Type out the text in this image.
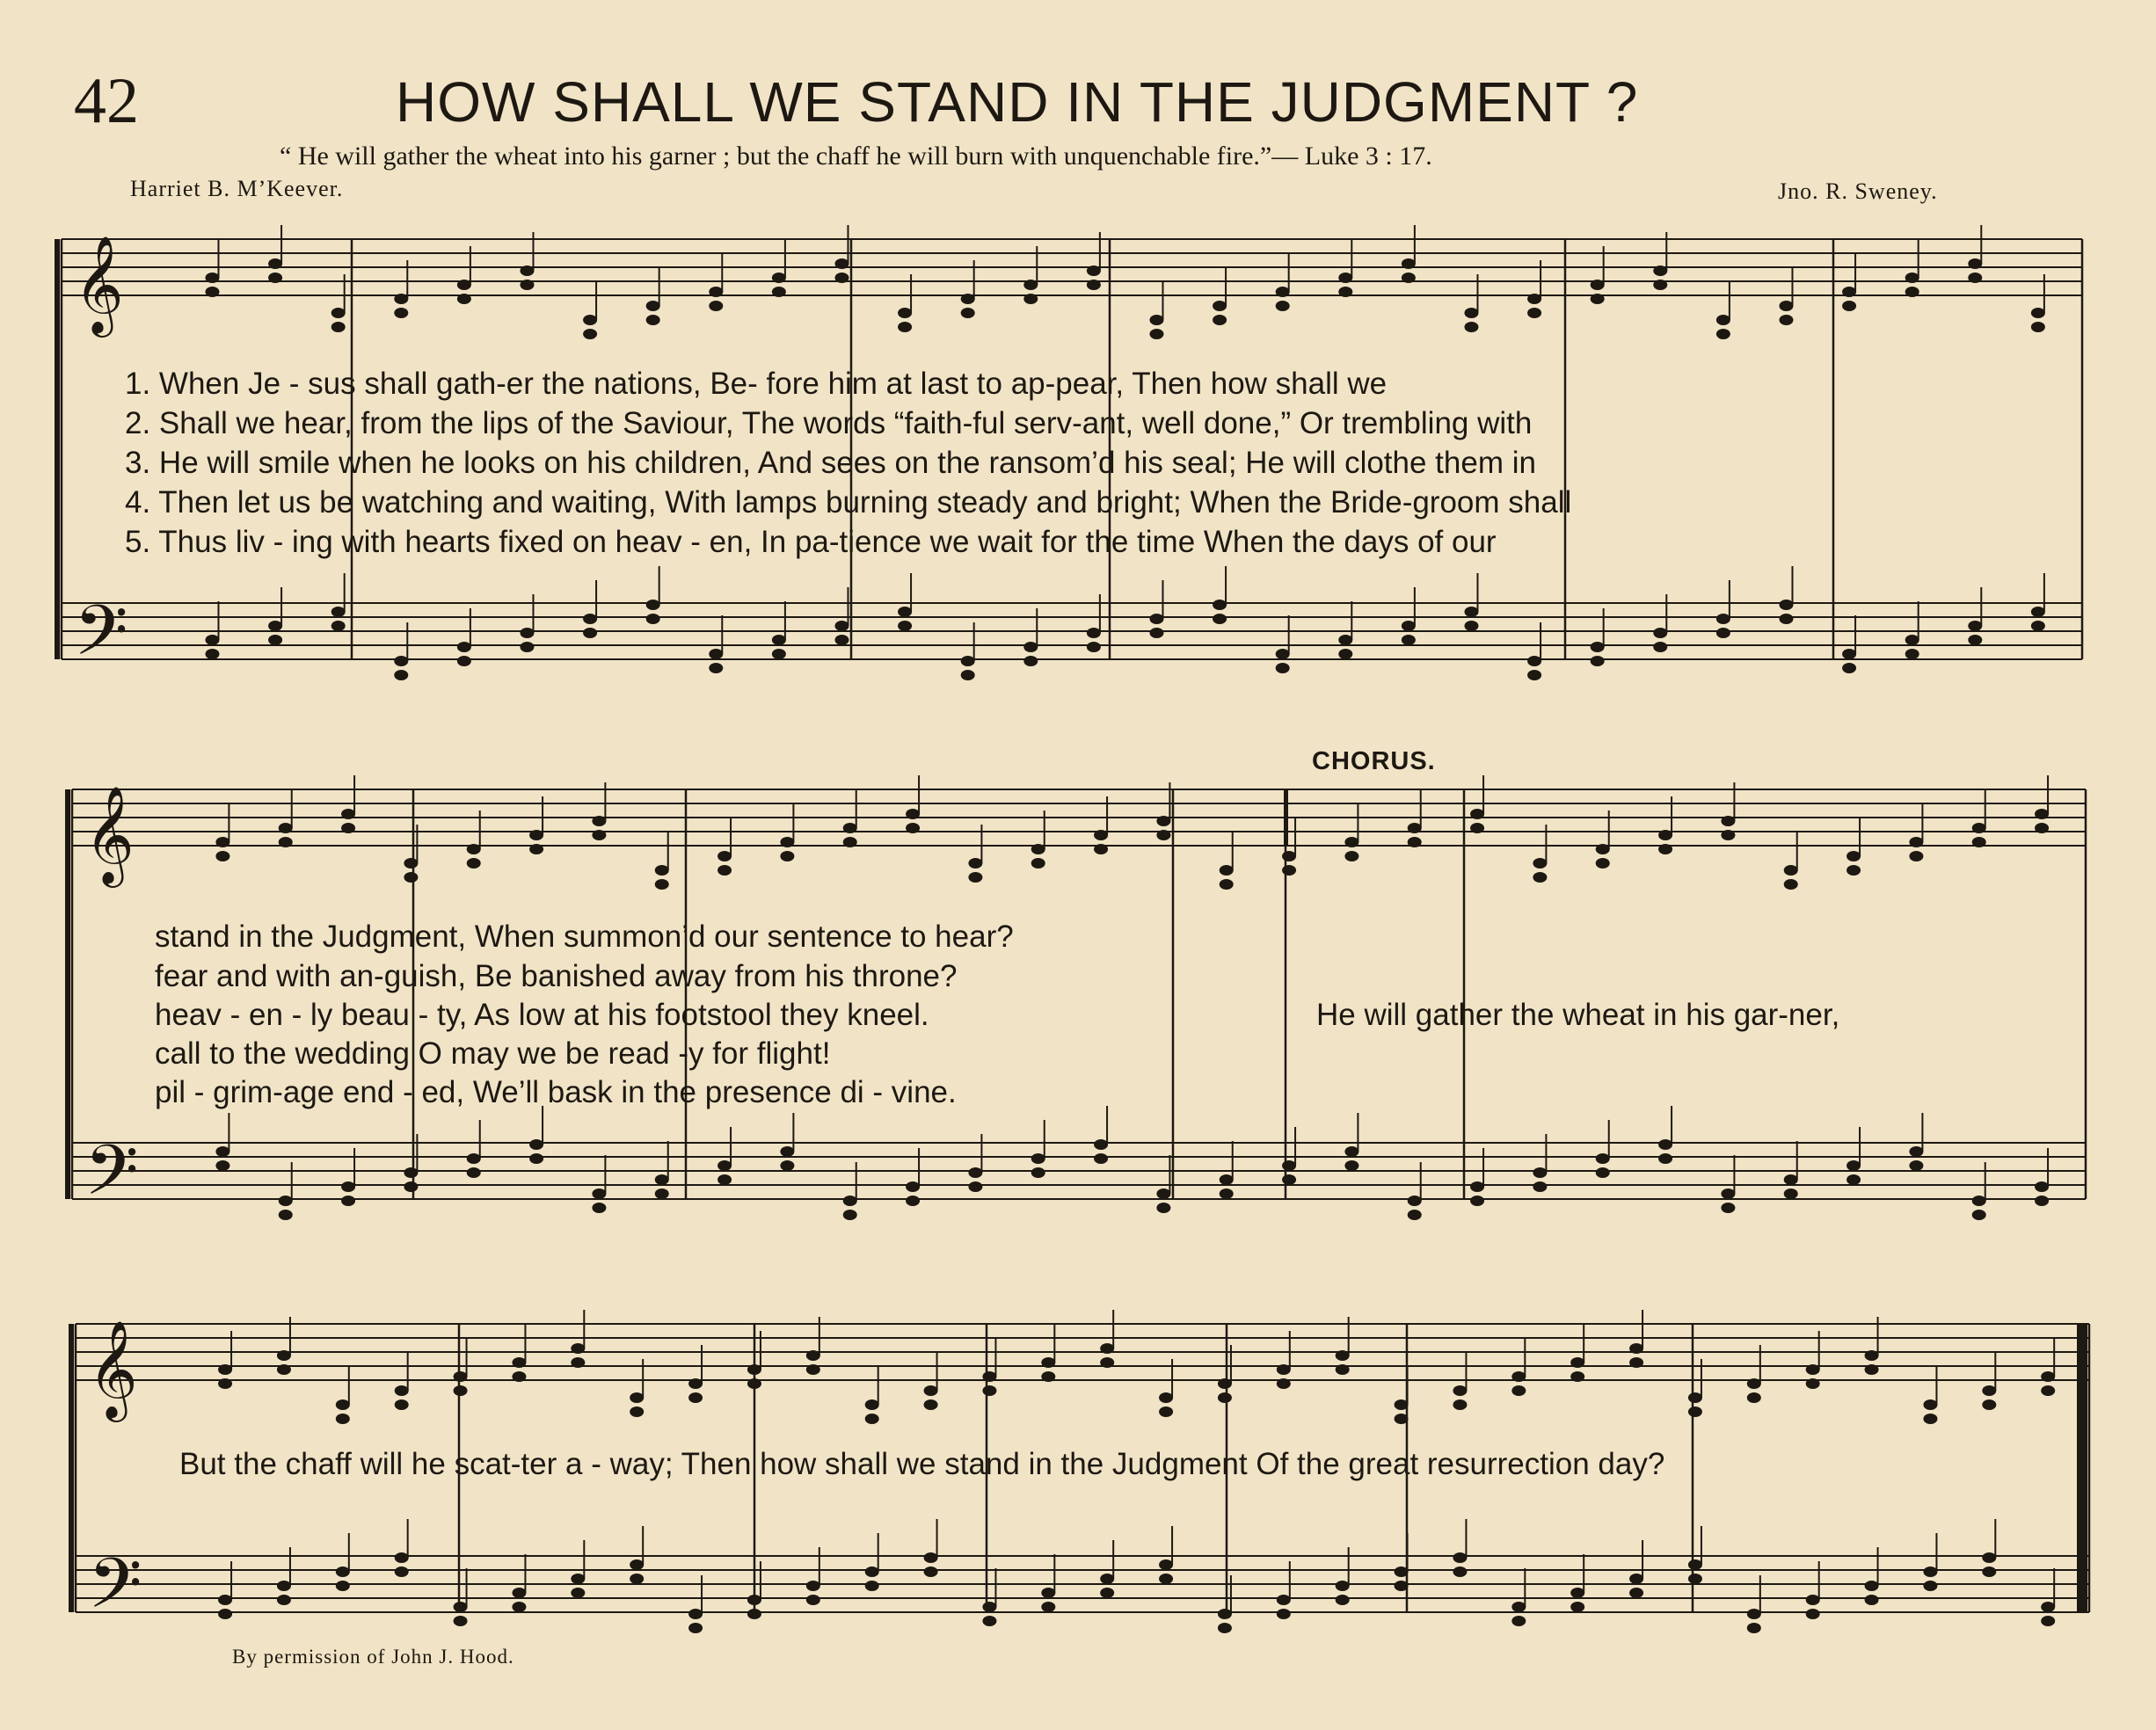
42	HOW SHALL WE STAND IN THE JUDGMENT ?
“ He will gather the wheat into his garner ; but the chaff he will burn with unquenchable fire.”— Luke 3 : 17.
Harriet B. M’Keever.	Jno. R. Sweney.
CHORUS.
By permission of John J. Hood.
𝄞
𝄢
𝄞
𝄢
𝄞
𝄢
1. When Je - sus shall gath-er the nations, Be- fore him at last to ap-pear, Then how shall we
2. Shall we hear, from the lips of the Saviour, The words “faith-ful serv-ant, well done,” Or trembling with
3. He will smile when he looks on his children, And sees on the ransom’d his seal; He will clothe them in
4. Then let us be watching and waiting, With lamps burning steady and bright; When the Bride-groom shall
5. Thus liv - ing with hearts fixed on heav - en, In pa-tience we wait for the time When the days of our
stand in the Judgment, When summon’d our sentence to hear?
fear and with an-guish, Be banished away from his throne?
heav - en - ly beau - ty, As low at his footstool they kneel.
call to the wedding O may we be read -y for flight!
pil - grim-age end - ed, We’ll bask in the presence di - vine.
He will gather the wheat in his gar-ner,
But the chaff will he scat-ter a - way; Then how shall we stand in the Judgment Of the great resurrection day?
